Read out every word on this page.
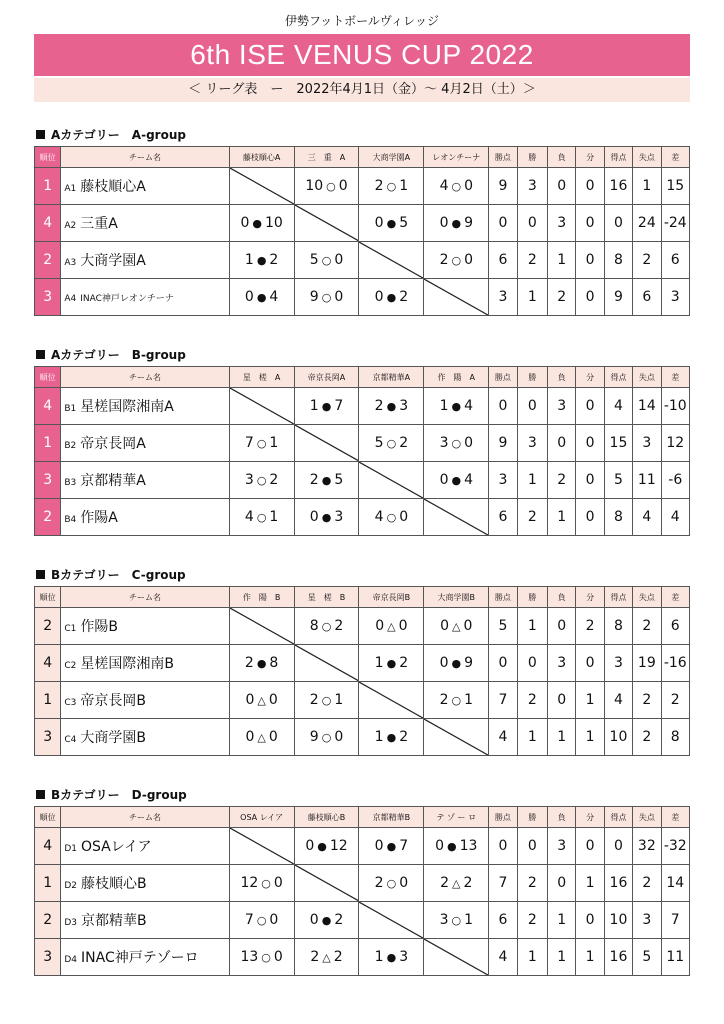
伊勢フットボールヴィレッジ
6th ISE VENUS CUP 2022
＜ リーグ表　ー　2022年4月1日（金）〜 4月2日（土）＞
Aカテゴリー　A-group
順位	チーム名	藤枝順心A	三　重　A	大商学園A	レオンチーナ	勝点	勝	負	分	得点	失点	差
1	A1 藤枝順心A		10 ○ 0	2 ○ 1	4 ○ 0	9	3	0	0	16	1	15
4	A2 三重A	0 ● 10		0 ● 5	0 ● 9	0	0	3	0	0	24	-24
2	A3 大商学園A	1 ● 2	5 ○ 0		2 ○ 0	6	2	1	0	8	2	6
3	A4 INAC神戸レオンチーナ	0 ● 4	9 ○ 0	0 ● 2		3	1	2	0	9	6	3
Aカテゴリー　B-group
順位	チーム名	星　槎　A	帝京長岡A	京都精華A	作　陽　A	勝点	勝	負	分	得点	失点	差
4	B1 星槎国際湘南A		1 ● 7	2 ● 3	1 ● 4	0	0	3	0	4	14	-10
1	B2 帝京長岡A	7 ○ 1		5 ○ 2	3 ○ 0	9	3	0	0	15	3	12
3	B3 京都精華A	3 ○ 2	2 ● 5		0 ● 4	3	1	2	0	5	11	-6
2	B4 作陽A	4 ○ 1	0 ● 3	4 ○ 0		6	2	1	0	8	4	4
Bカテゴリー　C-group
順位	チーム名	作　陽　B	星　槎　B	帝京長岡B	大商学園B	勝点	勝	負	分	得点	失点	差
2	C1 作陽B		8 ○ 2	0 △ 0	0 △ 0	5	1	0	2	8	2	6
4	C2 星槎国際湘南B	2 ● 8		1 ● 2	0 ● 9	0	0	3	0	3	19	-16
1	C3 帝京長岡B	0 △ 0	2 ○ 1		2 ○ 1	7	2	0	1	4	2	2
3	C4 大商学園B	0 △ 0	9 ○ 0	1 ● 2		4	1	1	1	10	2	8
Bカテゴリー　D-group
順位	チーム名	OSA レイア	藤枝順心B	京都精華B	テ ゾ ー ロ	勝点	勝	負	分	得点	失点	差
4	D1 OSAレイア		0 ● 12	0 ● 7	0 ● 13	0	0	3	0	0	32	-32
1	D2 藤枝順心B	12 ○ 0		2 ○ 0	2 △ 2	7	2	0	1	16	2	14
2	D3 京都精華B	7 ○ 0	0 ● 2		3 ○ 1	6	2	1	0	10	3	7
3	D4 INAC神戸テゾーロ	13 ○ 0	2 △ 2	1 ● 3		4	1	1	1	16	5	11
